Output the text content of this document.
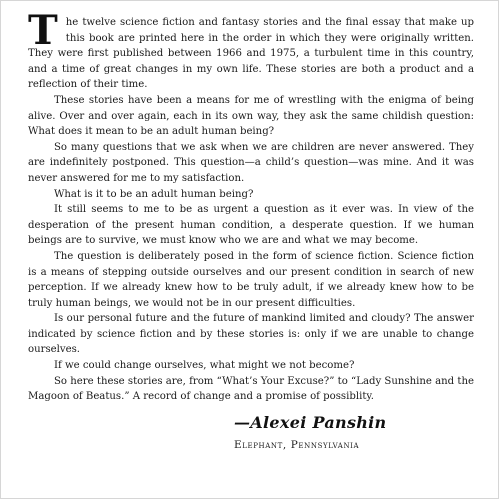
The twelve science fiction and fantasy stories and the final essay that make up this book are printed here in the order in which they were originally written. They were first published between 1966 and 1975, a turbulent time in this country, and a time of great changes in my own life. These stories are both a product and a reflection of their time.

These stories have been a means for me of wrestling with the enigma of being alive. Over and over again, each in its own way, they ask the same childish question: What does it mean to be an adult human being?

So many questions that we ask when we are children are never answered. They are indefinitely postponed. This question—a child’s question—was mine. And it was never answered for me to my satisfaction.

What is it to be an adult human being?

It still seems to me to be as urgent a question as it ever was. In view of the desperation of the present human condition, a desperate question. If we human beings are to survive, we must know who we are and what we may become.

The question is deliberately posed in the form of science fiction. Science fiction is a means of stepping outside ourselves and our present condition in search of new perception. If we already knew how to be truly adult, if we already knew how to be truly human beings, we would not be in our present difficulties.

Is our personal future and the future of mankind limited and cloudy? The answer indicated by science fiction and by these stories is: only if we are unable to change ourselves.

If we could change ourselves, what might we not become?

So here these stories are, from “What’s Your Excuse?” to “Lady Sunshine and the Magoon of Beatus.” A record of change and a promise of possiblity.

—Alexei Panshin
Elephant, Pennsylvania
